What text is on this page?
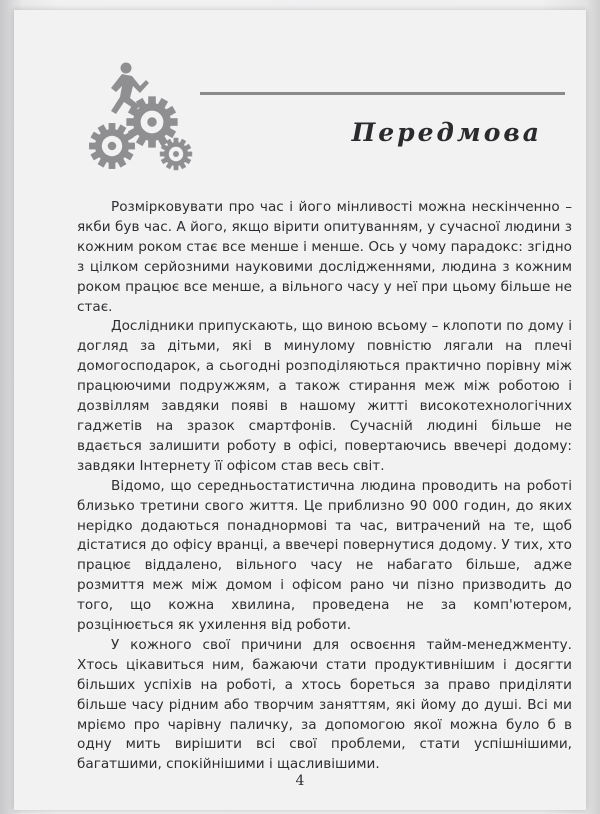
Передмова

Розмірковувати про час і його мінливості можна нескінченно – якби був час. А його, якщо вірити опитуванням, у сучасної людини з кожним роком стає все менше і менше. Ось у чому парадокс: згідно з цілком серйозними науковими дослідженнями, людина з кожним роком працює все менше, а вільного часу у неї при цьому більше не стає.

Дослідники припускають, що виною всьому – клопоти по дому і догляд за дітьми, які в минулому повністю лягали на плечі домогосподарок, а сьогодні розподіляються практично порівну між працюючими подружжям, а також стирання меж між роботою і дозвіллям завдяки появі в нашому житті високотехнологічних гаджетів на зразок смартфонів. Сучасній людині більше не вдається залишити роботу в офісі, повертаючись ввечері додому: завдяки Інтернету її офісом став весь світ.

Відомо, що середньостатистична людина проводить на роботі близько третини свого життя. Це приблизно 90 000 годин, до яких нерідко додаються понаднормові та час, витрачений на те, щоб дістатися до офісу вранці, а ввечері повернутися додому. У тих, хто працює віддалено, вільного часу не набагато більше, адже розмиття меж між домом і офісом рано чи пізно призводить до того, що кожна хвилина, проведена не за комп'ютером, розцінюється як ухилення від роботи.

У кожного свої причини для освоєння тайм-менеджменту. Хтось цікавиться ним, бажаючи стати продуктивнішим і досягти більших успіхів на роботі, а хтось бореться за право приділяти більше часу рідним або творчим заняттям, які йому до душі. Всі ми мріємо про чарівну паличку, за допомогою якої можна було б в одну мить вирішити всі свої проблеми, стати успішнішими, багатшими, спокійнішими і щасливішими.

4
